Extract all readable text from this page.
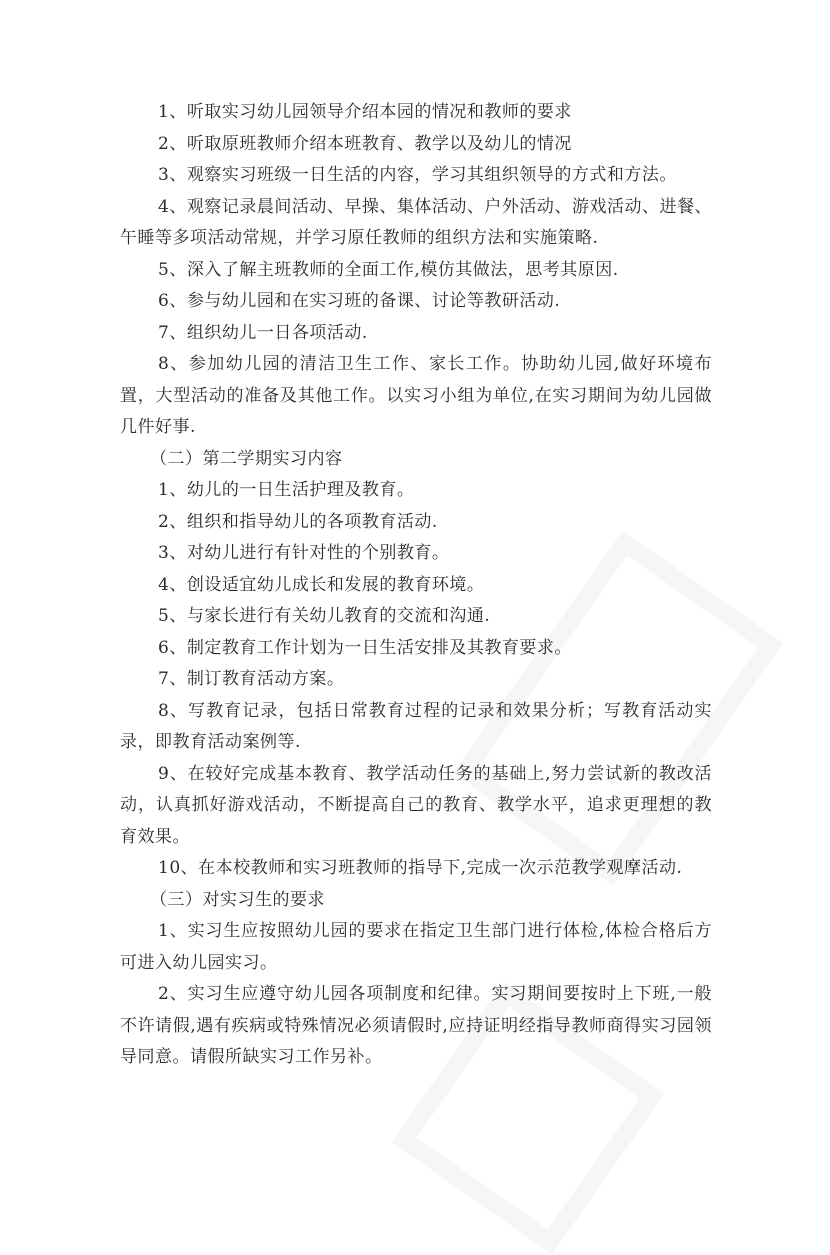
1、听取实习幼儿园领导介绍本园的情况和教师的要求

2、听取原班教师介绍本班教育、教学以及幼儿的情况

3、观察实习班级一日生活的内容，学习其组织领导的方式和方法。

4、观察记录晨间活动、早操、集体活动、户外活动、游戏活动、进餐、午睡等多项活动常规，并学习原任教师的组织方法和实施策略.

5、深入了解主班教师的全面工作,模仿其做法，思考其原因.

6、参与幼儿园和在实习班的备课、讨论等教研活动.

7、组织幼儿一日各项活动.

8、参加幼儿园的清洁卫生工作、家长工作。协助幼儿园,做好环境布置，大型活动的准备及其他工作。以实习小组为单位,在实习期间为幼儿园做几件好事.

（二）第二学期实习内容

1、幼儿的一日生活护理及教育。

2、组织和指导幼儿的各项教育活动.

3、对幼儿进行有针对性的个别教育。

4、创设适宜幼儿成长和发展的教育环境。

5、与家长进行有关幼儿教育的交流和沟通.

6、制定教育工作计划为一日生活安排及其教育要求。

7、制订教育活动方案。

8、写教育记录，包括日常教育过程的记录和效果分析；写教育活动实录，即教育活动案例等.

9、在较好完成基本教育、教学活动任务的基础上,努力尝试新的教改活动，认真抓好游戏活动，不断提高自己的教育、教学水平，追求更理想的教育效果。

10、在本校教师和实习班教师的指导下,完成一次示范教学观摩活动.

（三）对实习生的要求

1、实习生应按照幼儿园的要求在指定卫生部门进行体检,体检合格后方可进入幼儿园实习。

2、实习生应遵守幼儿园各项制度和纪律。实习期间要按时上下班,一般不许请假,遇有疾病或特殊情况必须请假时,应持证明经指导教师商得实习园领导同意。请假所缺实习工作另补。
